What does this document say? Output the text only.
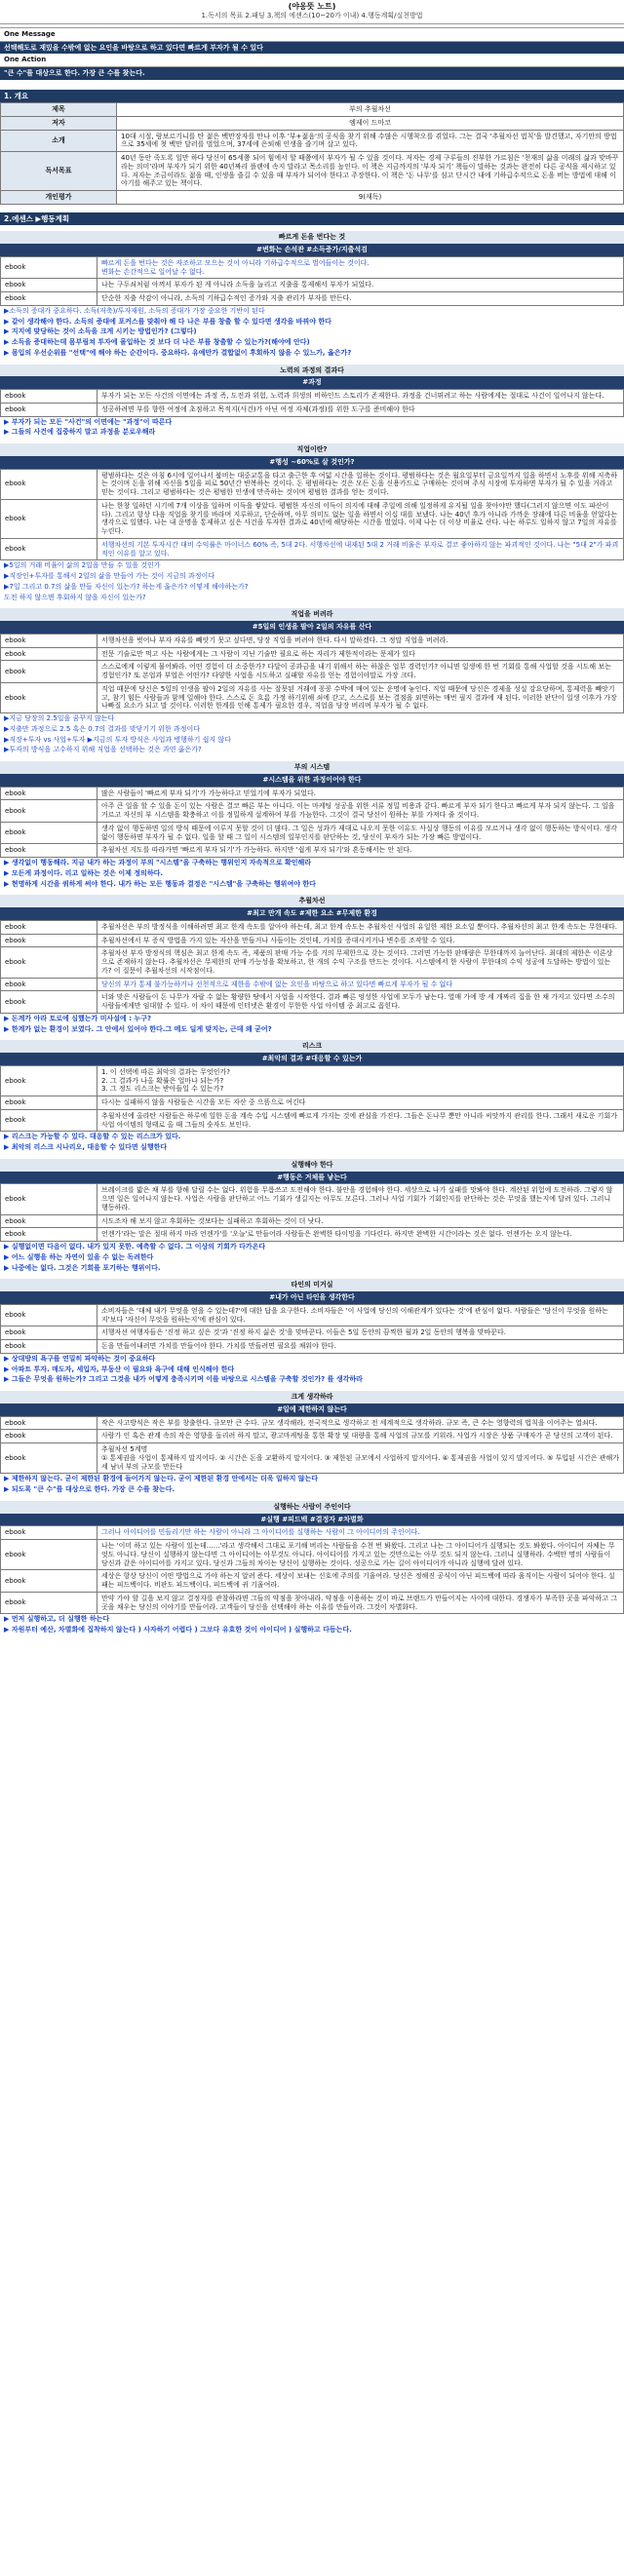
(야옹뜻 노트)
1.독서의 목표 2.패딩 3.책의 에센스(10~20가 이내) 4.행동계획/실천방법
One Message
선택해도로 재밌을 수밖에 없는 요인을 바탕으로 하고 있다면 빠르게 부자가 될 수 있다
One Action
"큰 수"를 대상으로 한다. 가장 큰 수를 찾는다.
1. 개요
제목	부의 추월차선
저자	엠제이 드마코
소개	10대 시절, 람보르기니를 탄 젊은 백만장자를 만나 이후 '부+젊음'의 공식을 찾기 위해 수많은 시행착오를 겪었다. 그는 결국 '추월차선 법칙'을 발견했고, 자기만의 방법으로 35세에 첫 백만 달러를 벌었으며, 37세에 은퇴해 인생을 즐기며 살고 있다.
독서목표	40년 동안 죽도록 일만 하다 당신이 65세쯤 되어 힘에서 할 때쯤에서 부자가 될 수 있을 것이다. 저자는 경제 구루들의 진부한 가르침은 '천재의 삶을 미래의 삶과 맞바꾸라는 의미'라며 부자가 되기 위한 40년짜리 플랜에 속지 말라고 목소리를 높인다. 이 책은 지금까지의 '부자 되기' 책들이 말하는 것과는 완전히 다른 공식을 제시하고 있다. 저자는 조금이라도 젊을 때, 인생을 즐길 수 있을 때 부자가 되어야 한다고 주장한다. 이 책은 '돈 나무'를 심고 단시간 내에 기하급수적으로 돈을 버는 방법에 대해 이야기를 해주고 있는 책이다.
개인평가	9(재독)
2.에센스 ▶행동계획
빠르게 돈을 번다는 것
#변화는 손석관 #소득증가/지출석검
ebook	빠르게 돈을 번다는 것은 자조하고 모으는 것이 아니라 기하급수적으로 벌어들이는 것이다.
변화는 손간적으로 일어날 수 없다.
ebook	나는 구두쇠처럼 아껴서 부자가 된 게 아니라 소득을 늘리고 지출을 통제해서 부자가 되었다.
ebook	단순한 지출 삭감이 아니라, 소득의 기하급수적인 증가와 지출 관리가 부자를 만든다.
▶소득의 증대가 중요하다. 소득(저축)/투자재원, 소득의 증대가 가장 중요한 기반이 된다
▶ 같이 생각해야 한다. 소득의 증대에 포커스를 맞춰야 해 다 나은 부를 창출 할 수 있다면 생각을 바꿔야 한다
▶ 지지에 맞당하는 것이 소득을 크게 시키는 방법인가? (그렇다)
▶ 소득을 증대하는데 몸부림쳐 투자에 몰입하는 것 보다 더 나은 부를 창출할 수 있는가?(해야에 안다)
▶ 몸입의 우선순위를 "선택"에 해야 하는 순간이다. 중요하다. 유예만가 결합없이 후회하지 않을 수 있느가, 옳은가?
노력의 과정의 결과다
#과정
ebook	부자가 되는 모든 사건의 이면에는 과정 즉, 도전과 위험, 노력과 희생의 비하인드 스토리가 존재한다. 과정을 건너뛰려고 하는 사람에게는 절대로 사건이 일어나지 않는다.
ebook	성공하려면 부를 향한 여정에 초점하고 목적지(사건)가 아닌 여정 자체(과정)를 위한 도구를 준비해야 한다
▶ 부자가 되는 모든 "사건"의 이면에는 "과정"이 따른다
▶ 그들의 사건에 집중하지 말고 과정을 분로우해라
직업이란?
#행성 ~60%로 살 것인가?
ebook	평범하다는 것은 아침 6시에 일어나서 붐비는 대중교통을 타고 출근한 후 여덟 시간을 일하는 것이다. 평범하다는 것은 월요일부터 금요일까지 일을 하면서 노후를 위해 저축하는 것이며 돈을 위해 자신을 5일을 피로 50년간 반복하는 것이다. 돈 평범하다는 것은 모든 돈을 신용카드로 구매하는 것이며 주식 시장에 투자하면 부자가 될 수 있을 거라고 믿는 것이다. 그리고 평범하다는 것은 평범한 인생에 만족하는 것이며 평범한 결과를 얻는 것이다.
ebook	나는 한창 일하던 시기에 7개 이상을 일하며 이득을 쌓았다. 평범한 자신의 이득이 의지에 대해 주일에 의해 일정하게 유지될 일을 찾아야만 했다(그러지 않으면 이도 파산이다). 그리고 항상 다음 직업을 찾기를 바라며 지루하고, 단순하며, 아무 의미도 없는 일을 하면서 이십 대를 보냈다. 나는 40년 후가 아니라 가까운 장래에 다른 비율을 얻었다는 생각으로 일했다. 나는 내 운명을 통제하고 싶은 사건을 투자한 결과로 40년에 해당하는 시간을 벌었다. 이제 나는 더 이상 비율로 산다. 나는 하루도 일하지 않고 7일의 자유를 누린다.
ebook	서행차선의 기본 투자시간 대비 수익률은 마이너스 60% 즉, 5대 2다. 서행차선에 내재된 5대 2 거래 비율은 부자로 결코 좋아하지 않는 파괴적인 것이다. 나는 "5대 2"가 파괴적인 이유를 알고 있다.
▶5일의 거래 비율이 삶의 2일을 만들 수 있을 것인가
▶직장인+투자를 통해서 2일의 삶을 만들어 가는 것이 지금의 과정이다
▶7일 그리고 0.7의 삶을 만들 자신이 있는가? 하는게 옳은가? 어떻게 해야하는가?
도전 하지 않으면 후회하지 않을 자신이 있는가?
직업을 버려라
#5일의 인생을 팔아 2일의 자유를 산다
ebook	서행차선을 벗어나 부자 자유를 빼앗기 못고 싶다면, 당장 직업을 버려야 한다. 다시 말하겠다. 그 정말 직업을 버려라.
ebook	전문 기술로만 먹고 사는 사람에게는 그 사람이 지닌 기술만 필요로 하는 자리가 제한적이라는 문제가 있다
ebook	스스로에게 이렇게 물어봐라. 어떤 경험이 더 소중한가? 다달이 공과금을 내기 위해서 하는 하찮은 업무 경력인가? 아니면 일생에 한 번 기회를 통해 사업할 것을 시도해 보는 경험인가? 또 본업과 부업은 어떤가? 다양한 사업을 시도하고 실패할 자유를 얻는 경험이야말로 가장 크다.
ebook	직업 때문에 당신은 5일의 인생을 팔아 2일의 자유를 사는 잘못된 거래에 꽁꽁 수박에 매여 있는 운명에 놓인다. 직업 때문에 당신은 경제을 성실 강요당하며, 통제력을 빼앗기고, 참기 힘든 사람들과 함께 일해야 한다. 스스로 돈 흐름 가정 하기위해 쇠에 갇고, 스스로를 보는 결점을 외면하는 매번 필지 결과에 재 된다. 이러한 판단이 일생 이후가 가장 나빠질 요소가 되고 말 것이다. 이러한 한계를 인해 통제가 필요한 경우, 직업을 당장 버리며 부자가 될 수 없다.
▶지금 당장의 2.5일을 꿈꾸지 않는다
▶지출만 과정으로 2.5 혹은 0.7의 결과를 맞닿기기 위한 과정이다
▶직장+투자 vs 사업+투자 ▶지금의 투자 방식은 사업과 병행하기 쉽지 않다
▶투자의 방식을 고수하지 위해 직업을 선택하는 것은 과연 옳은가?
부의 시스템
#시스템을 위한 과정이어야 한다
ebook	많은 사람들이 '빠르게 부자 되기'가 가능하다고 믿었기에 부자가 되었다.
ebook	아주 큰 일을 할 수 있을 돈이 있는 사람은 결코 빠른 부는 아니다. 이는 마케팅 성공을 위한 서류 정밀 비용과 같다. 빠르게 부자 되기 한다고 빠르게 부자 되지 않는다. 그 일을 거르고 자신의 부 시스템을 확충하고 이를 정밀하게 설계하여 부를 가늠한다. 그것이 결국 당신이 원하는 부를 가져다 줄 것이다.
ebook	생각 없이 행동하면 일의 방식 때문에 이루지 못할 것이 더 많다. 그 일은 성과가 제대로 나오지 못한 이유도 사실상 행동의 이유를 모르거나 생각 없이 행동하는 방식이다. 생각 없이 행동하면 부자가 될 수 없다. 일을 할 때 그 일이 시스템의 일부인지를 판단하는 것, 당신이 부자가 되는 가장 빠른 방법이다.
ebook	추월차선 지도를 따라가면 '빠르게 부자 되기'가 가능하다. 하지만 '쉽게 부자 되기'와 혼동해서는 안 된다.
▶ 생각없이 행동해라. 지금 내가 하는 과정이 부의 "시스템"을 구축하는 행위인지 자속적으로 확인해라
▶ 모든게 과정이다. 리고 일하는 것은 이제 정의하다.
▶ 현명하게 시간을 쿼하게 써야 한다. 내가 하는 모든 행동과 결정은 "시스템"을 구축하는 행위여야 한다
추월차선
#최고 만개 속도 #제한 요소 #무제한 환경
ebook	추월차선은 부의 방정식을 이해하려면 최고 한계 속도를 알아야 하는데, 최고 한계 속도는 추월차선 사업의 유일한 제한 요소일 뿐이다. 추월차선의 최고 한계 속도는 무한대다.
ebook	추월차선에서 부 증식 방법을 가지 있는 자산을 만들거나 사들이는 것인데, 가치를 증대시키거나 변수를 조작할 수 있다.
ebook	추월차선 부자 방정식의 핵심은 최고 한계 속도 즉, 제품의 판매 가능 수를 거의 무제한으로 갖는 것이다. 그러면 가능한 판매량은 무한대까지 늘어난다. 최대의 제한은 이론상으로 존재하지 않는다. 추월차선은 무제한의 판매 가능성을 확보하고, 한 개의 수익 구조를 만드는 것이다. 시스템에서 한 사람이 무한대의 수익 성공에 도달하는 방법이 있는가? 이 질문이 추월차선의 시작점이다.
ebook	당신의 부가 통제 불가능하거나 선천적으로 제한을 수밖에 없는 요인을 바탕으로 하고 있다면 빠르게 부자가 될 수 없다
ebook	너와 맞은 사람들이 돈 나무가 자랄 수 없는 황량한 땅에서 사업을 시작한다. 결과 빠른 엉성한 사업에 모두가 남는다. 열매 가에 방 세 개짜리 집을 한 채 가지고 있다면 소수의 사람들에게만 임대할 수 있다. 이 차이 때문에 인터넷은 환경이 무한한 사업 아이템 중 최고로 꼽힌다.
▶ 돈계가 아라 토로에 심했는가 미사설에 : 누구?
▶ 한계가 없는 환경이 보였다. 그 안에서 있어야 한다.그 메도 딜게 맞지는, 근데 왜 굳어?
리스크
#최악의 결과 #대응할 수 있는가
ebook	1. 이 선택에 따른 최악의 결과는 무엇인가?
2. 그 결과가 나올 확률은 얼마나 되는가?
3. 그 정도 리스크는 받아들일 수 있는가?
ebook	다시는 실패하지 않을 사람들은 시간을 모든 자산 중 으뜸으로 여긴다
ebook	추월차선에 올라탄 사람들은 하루에 일한 돈을 계속 수입 시스템에 빠르게 가지는 것에 관심을 가진다. 그들은 돈나무 뿐만 아니라 씨앗까지 관리를 한다. 그래서 새로운 기회가 사업 아이템의 형태로 올 때 그들의 숫자도 보인다.
▶ 리스크는 가능할 수 있다. 대응할 수 있는 리스크가 있다.
▶ 최악의 리스크 시나리오, 대응할 수 있다면 실행한다
실행해야 한다
#행동은 거체를 낳는다
ebook	브레이크를 밟은 채 부를 향해 달릴 수는 없다. 위험을 무릅쓰고 도전해야 한다. 불안을 경험해야 한다. 세상으로 나가 실패를 맛봐야 한다. 계산된 위험에 도전하라. 그렇지 않으면 일은 일어나지 않는다. 사업은 사람을 판단하고 어느 기회가 생길지는 아무도 모른다. 그러나 사업 기회가 기회인지를 판단하는 것은 무엇을 했는지에 달려 있다. 그러니 행동하라.
ebook	시도조차 해 보지 않고 후회하는 것보다는 실패하고 후회하는 것이 더 낫다.
ebook	언젠가'라는 말은 절대 하지 마라 언젠가'를 '오늘'로 만들어라 사람들은 완벽한 타이밍을 기다린다. 하지만 완벽한 시간이라는 것은 없다. 언젠가는 오지 않는다.
▶ 실행없이면 다음이 없다. 내가 있지 못한. 예측할 수 없다. 그 이상의 기회가 다가온다
▶ 어느 실행을 하는 자연이 있을 수 없는 독려한다
▶ 나중에는 없다. 그것은 기회를 포기하는 행위이다.
타인의 미거실
#내가 아닌 타인을 생각한다
ebook	소비자들은 '대체 내가 무엇을 얻을 수 있는데?'에 대한 답을 요구한다. 소비자들은 '이 사업에 당신의 이해관계가 있다는 것'에 관심이 없다. 사람들은 '당신이 무엇을 원하는지'보다 '자신이 무엇을 원하는지'에 관심이 있다.
ebook	서행자선 여행자들은 '진정 하고 싶은 것'과 '진정 하지 싫은 것'을 맞바꾼다. 이들은 5일 동안의 끔찍한 월과 2일 동안의 행복을 맞바꾼다.
ebook	돈을 만들어내려면 가치를 만들어야 한다. 가치를 만들려면 필요를 채워야 한다.
▶ 상대방의 욕구를 연밀히 파악하는 것이 중요하다
▶ 아파트 투자. 매도자, 세입자, 부동산 이 필요와 욕구에 대해 인식해야 한다
▶ 그들은 무엇을 원하는가? 그리고 그것을 내가 어떻게 충족시키며 이를 바탕으로 시스템을 구축할 것인가? 를 생각하라
크게 생각하라
#일에 제한하지 않는다
ebook	작은 사고방식은 작은 부를 창출한다. 규모만 큰 수다. 규모 생각해라, 전국적으로 생각하고 전 세계적으로 생각하라. 규모 즉, 큰 수는 영향력의 법칙을 이어주는 열쇠다.
ebook	사람가 인 혹은 관계 속의 작은 영향을 돌리려 하지 말고, 광고마케팅을 통한 확장 및 대량을 통해 사업의 규모를 키워라. 사업가 시장은 상품 구매자가 곧 당신의 고객이 된다.
ebook	추월차선 5계명
① 통제권을 사업이 통제하지 말지어다. ② 시간은 돈을 교환하지 말지어다. ③ 제한된 규모에서 사업하지 말지어다. ④ 통제권을 사업이 있지 말지어다. ⑤ 투입된 시간은 관해가 세 남녀 부의 규모를 만든다
▶ 제한하지 않는다. 굳이 제한된 환경에 들어가지 않는다. 굳이 제한된 환경 안에서는 더욱 일하지 않는다
▶ 되도록 "큰 수"를 대상으로 한다. 가장 큰 수를 찾는다.
실행하는 사람이 주인이다
#실행 #피드백 #결정자 #차별화
ebook	그러나 아이디어를 민들리기만 하는 사람이 아니라 그 아이디어를 실행하는 사람이 그 아이디어의 주인이다.
ebook	나는 '이미 하고 있는 사람이 있는데……'라고 생각해서 그대로 포기해 버리는 사람들을 수천 번 봐왔다. 그리고 나는 그 아이디어가 실행되는 것도 봐왔다. 아이디어 자체는 무엇도 아니다. 당신이 실행하지 않는다면 그 아이디어는 아무것도 아니다. 아이디어를 가지고 있는 것만으로는 아무 것도 되지 않는다. 그러니 실행하라. 수백만 명의 사람들이 당신과 같은 아이디어를 가지고 있다. 당신과 그들의 차이는 당신이 실행하는 것이다. 성공으로 가는 길이 아이디어가 아니라 실행에 달려 있다.
ebook	세상은 항상 당신이 어떤 방법으로 가야 하는지 알려 준다. 세상이 보내는 신호에 주의를 기울여라. 당신은 정해진 공식이 아닌 피드백에 따라 움직이는 사람이 되어야 한다. 실패는 피드백이다. 비판도 피드백이다. 피드백에 귀 기울여라.
ebook	만약 가야 할 길을 보지 않고 결정자를 관찰하라면 그들의 약점을 찾아내라. 약점을 이용하는 것이 바로 브랜드가 만들어지는 사이에 대한다. 경쟁자가 부족한 곳을 파악하고 그곳을 채우는 당신의 이야기를 만들어라. 고객들이 당신을 선택해야 하는 이유를 만들어라. 그것이 차별화다.
▶ 먼저 실행하고, 더 실행한 하는다
▶ 자원부터 예산, 차별화에 집착하지 않는다 ) 사자하기 어렵다 ) 그보다 유효한 것이 아이디어 ) 실행하고 다듬는다.
